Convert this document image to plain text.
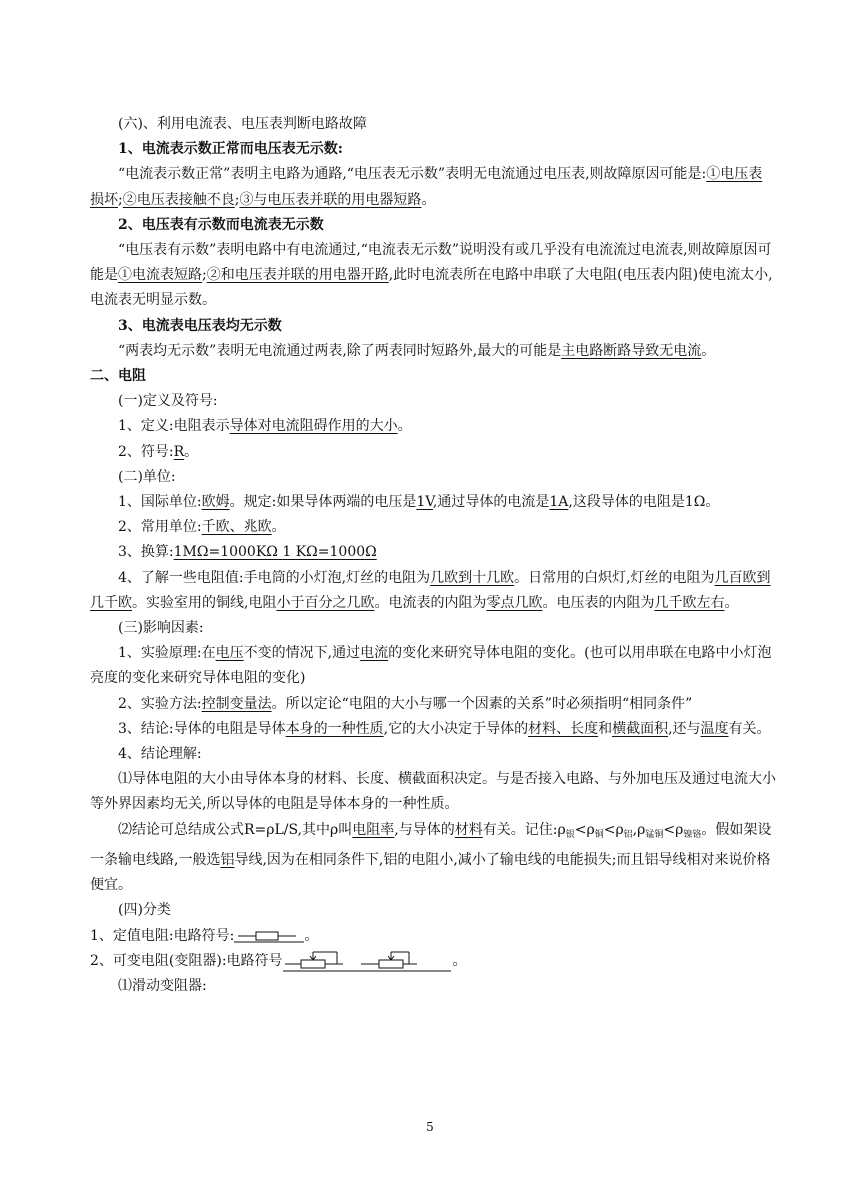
(六)、利用电流表、电压表判断电路故障

1、电流表示数正常而电压表无示数:

“电流表示数正常”表明主电路为通路,“电压表无示数”表明无电流通过电压表,则故障原因可能是:①电压表损坏;②电压表接触不良;③与电压表并联的用电器短路。

2、电压表有示数而电流表无示数

“电压表有示数”表明电路中有电流通过,“电流表无示数”说明没有或几乎没有电流流过电流表,则故障原因可能是①电流表短路;②和电压表并联的用电器开路,此时电流表所在电路中串联了大电阻(电压表内阻)使电流太小,电流表无明显示数。

3、电流表电压表均无示数

“两表均无示数”表明无电流通过两表,除了两表同时短路外,最大的可能是主电路断路导致无电流。

二、电阻

(一)定义及符号:

1、定义:电阻表示导体对电流阻碍作用的大小。

2、符号:R。

(二)单位:

1、国际单位:欧姆。规定:如果导体两端的电压是1V,通过导体的电流是1A,这段导体的电阻是1Ω。

2、常用单位:千欧、兆欧。

3、换算:1MΩ=1000KΩ 1 KΩ=1000Ω

4、了解一些电阻值:手电筒的小灯泡,灯丝的电阻为几欧到十几欧。日常用的白炽灯,灯丝的电阻为几百欧到几千欧。实验室用的铜线,电阻小于百分之几欧。电流表的内阻为零点几欧。电压表的内阻为几千欧左右。

(三)影响因素:

1、实验原理:在电压不变的情况下,通过电流的变化来研究导体电阻的变化。(也可以用串联在电路中小灯泡亮度的变化来研究导体电阻的变化)

2、实验方法:控制变量法。所以定论“电阻的大小与哪一个因素的关系”时必须指明“相同条件”

3、结论:导体的电阻是导体本身的一种性质,它的大小决定于导体的材料、长度和横截面积,还与温度有关。

4、结论理解:

⑴导体电阻的大小由导体本身的材料、长度、横截面积决定。与是否接入电路、与外加电压及通过电流大小等外界因素均无关,所以导体的电阻是导体本身的一种性质。

⑵结论可总结成公式R=ρL/S,其中ρ叫电阻率,与导体的材料有关。记住$:\rho_银<\rho_铜<\rho_铝,\rho_{锰铜}<\rho_{镍铬}$。假如架设一条输电线路,一般选铝导线,因为在相同条件下,铝的电阻小,减小了输电线的电能损失;而且铝导线相对来说价格便宜。

(四)分类

1、定值电阻:电路符号:	。

2、可变电阻(变阻器):电路符号	。

⑴滑动变阻器:

5
